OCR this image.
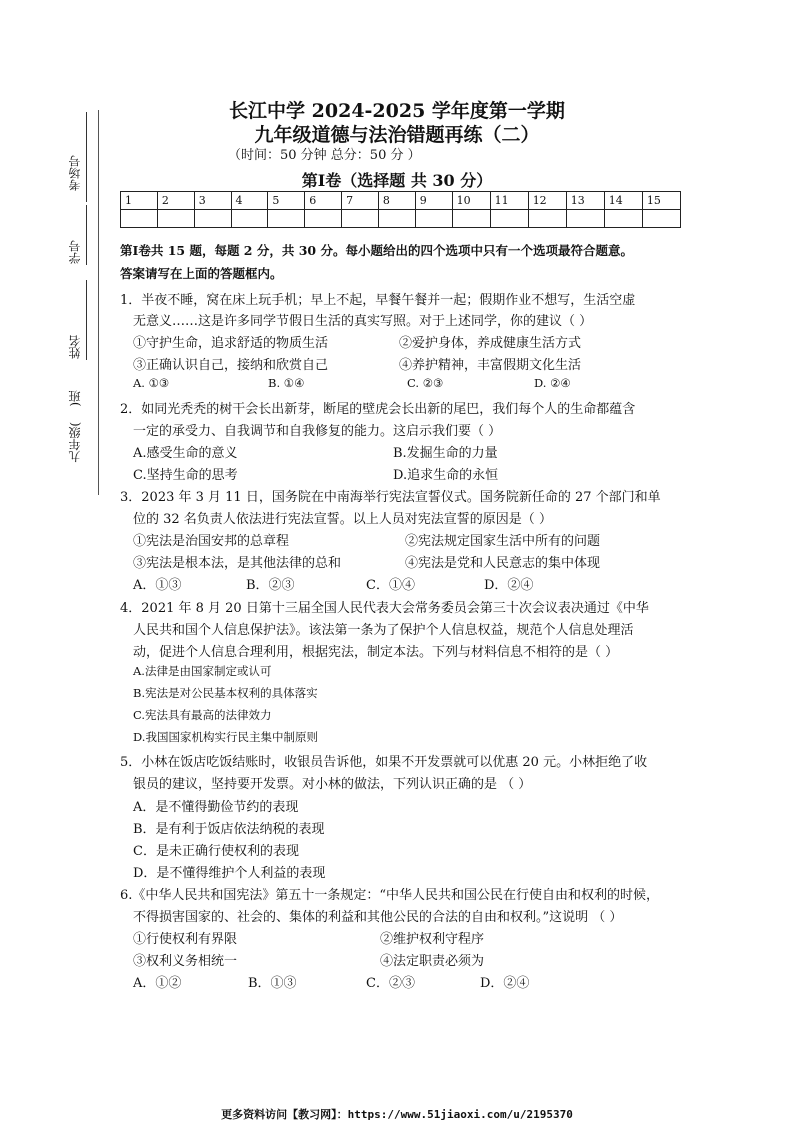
考场号
学号
姓名
九年级(    )班
长江中学 2024-2025 学年度第一学期
九年级道德与法治错题再练（二）
（时间：50 分钟 总分：50 分 ）
第Ⅰ卷（选择题 共 30 分）
1	2	3	4	5	6	7	8	9	10	11	12	13	14	15

第Ⅰ卷共 15 题，每题 2 分，共 30 分。每小题给出的四个选项中只有一个选项最符合题意。
答案请写在上面的答题框内。
1．半夜不睡，窝在床上玩手机；早上不起，早餐午餐并一起；假期作业不想写，生活空虚
无意义……这是许多同学节假日生活的真实写照。对于上述同学，你的建议（ ）
①守护生命，追求舒适的物质生活	②爱护身体，养成健康生活方式
③正确认识自己，接纳和欣赏自己	④养护精神，丰富假期文化生活
A. ①③	B. ①④	C. ②③	D. ②④
2．如同光秃秃的树干会长出新芽，断尾的壁虎会长出新的尾巴，我们每个人的生命都蕴含
一定的承受力、自我调节和自我修复的能力。这启示我们要（ ）
A.感受生命的意义	B.发掘生命的力量
C.坚持生命的思考	D.追求生命的永恒
3．2023 年 3 月 11 日，国务院在中南海举行宪法宣誓仪式。国务院新任命的 27 个部门和单
位的 32 名负责人依法进行宪法宣誓。以上人员对宪法宣誓的原因是（ ）
①宪法是治国安邦的总章程	②宪法规定国家生活中所有的问题
③宪法是根本法，是其他法律的总和	④宪法是党和人民意志的集中体现
A．①③	B．②③	C．①④	D．②④
4．2021 年 8 月 20 日第十三届全国人民代表大会常务委员会第三十次会议表决通过《中华
人民共和国个人信息保护法》。该法第一条为了保护个人信息权益，规范个人信息处理活
动，促进个人信息合理利用，根据宪法，制定本法。下列与材料信息不相符的是（ ）
A.法律是由国家制定或认可
B.宪法是对公民基本权利的具体落实
C.宪法具有最高的法律效力
D.我国国家机构实行民主集中制原则
5．小林在饭店吃饭结账时，收银员告诉他，如果不开发票就可以优惠 20 元。小林拒绝了收
银员的建议，坚持要开发票。对小林的做法，下列认识正确的是 （ ）
A．是不懂得勤俭节约的表现
B．是有利于饭店依法纳税的表现
C．是未正确行使权利的表现
D．是不懂得维护个人利益的表现
6.《中华人民共和国宪法》第五十一条规定：“中华人民共和国公民在行使自由和权利的时候，
不得损害国家的、社会的、集体的利益和其他公民的合法的自由和权利。”这说明 （ ）
①行使权利有界限	②维护权利守程序
③权利义务相统一	④法定职责必须为
A．①②	B．①③	C．②③	D．②④
更多资料访问【教习网】：https://www.51jiaoxi.com/u/2195370
